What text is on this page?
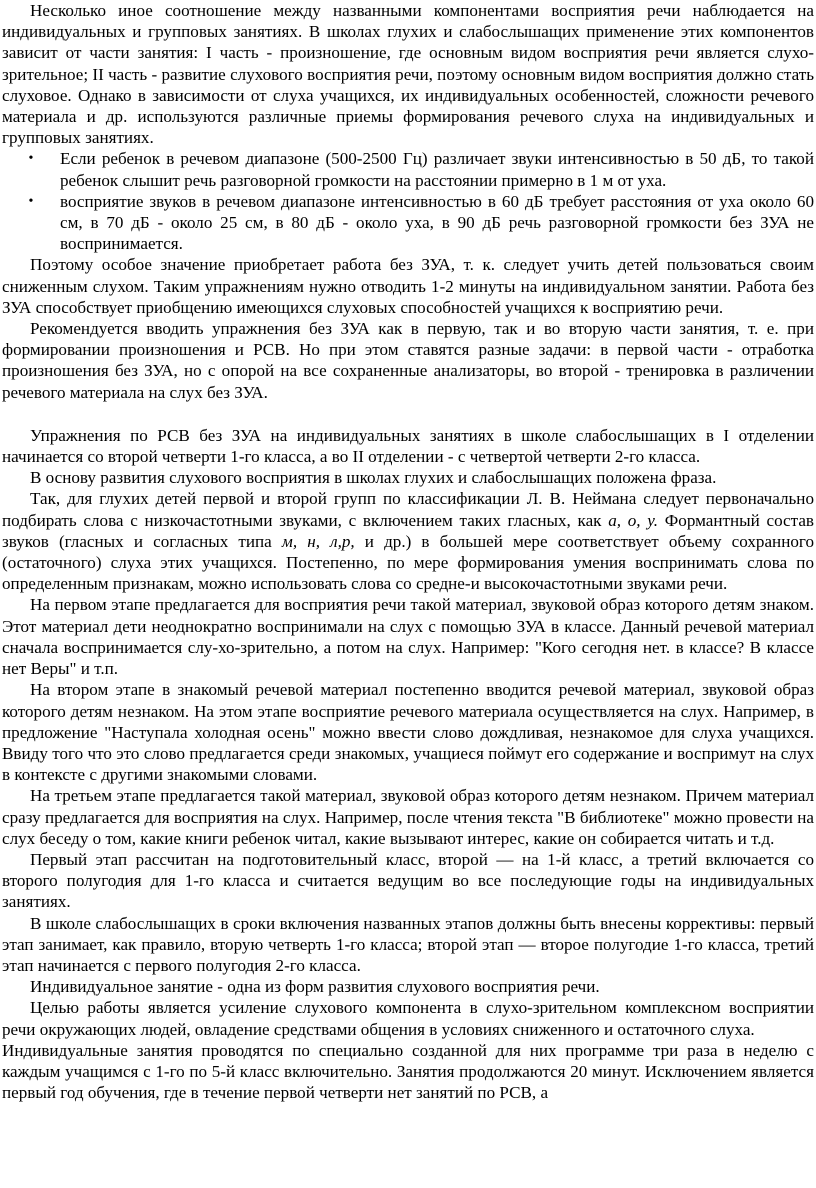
Несколько иное соотношение между названными компонентами восприятия речи наблюдается на индивидуальных и групповых занятиях. В школах глухих и слабослышащих применение этих компонентов зависит от части занятия: I часть - произношение, где основным видом восприятия речи является слухо-зрительное; II часть - развитие слухового восприятия речи, поэтому основным видом восприятия должно стать слуховое. Однако в зависимости от слуха учащихся, их индивидуальных особенностей, сложности речевого материала и др. используются различные приемы формирования речевого слуха на индивидуальных и групповых занятиях.

•	Если ребенок в речевом диапазоне (500-2500 Гц) различает звуки интенсивностью в 50 дБ, то такой ребенок слышит речь разговорной громкости на расстоянии примерно в 1 м от уха.
•	восприятие звуков в речевом диапазоне интенсивностью в 60 дБ требует расстояния от уха около 60 см, в 70 дБ - около 25 см, в 80 дБ - около уха, в 90 дБ речь разговорной громкости без ЗУА не воспринимается.

Поэтому особое значение приобретает работа без ЗУА, т. к. следует учить детей пользоваться своим сниженным слухом. Таким упражнениям нужно отводить 1-2 минуты на индивидуальном занятии. Работа без ЗУА способствует приобщению имеющихся слуховых способностей учащихся к восприятию речи.

Рекомендуется вводить упражнения без ЗУА как в первую, так и во вторую части занятия, т. е. при формировании произношения и РСВ. Но при этом ставятся разные задачи: в первой части - отработка произношения без ЗУА, но с опорой на все сохраненные анализаторы, во второй - тренировка в различении речевого материала на слух без ЗУА.

Упражнения по РСВ без ЗУА на индивидуальных занятиях в школе слабослышащих в I отделении начинается со второй четверти 1-го класса, а во II отделении - с четвертой четверти 2-го класса.

В основу развития слухового восприятия в школах глухих и слабослышащих положена фраза.

Так, для глухих детей первой и второй групп по классификации Л. В. Неймана следует первоначально подбирать слова с низкочастотными звуками, с включением таких гласных, как а, о, у. Формантный состав звуков (гласных и согласных типа м, н, л,р, и др.) в большей мере соответствует объему сохранного (остаточного) слуха этих учащихся. Постепенно, по мере формирования умения воспринимать слова по определенным признакам, можно использовать слова со средне-и высокочастотными звуками речи.

На первом этапе предлагается для восприятия речи такой материал, звуковой образ которого детям знаком. Этот материал дети неоднократно воспринимали на слух с помощью ЗУА в классе. Данный речевой материал сначала воспринимается слу-хо-зрительно, а потом на слух. Например: "Кого сегодня нет. в классе? В классе нет Веры" и т.п.

На втором этапе в знакомый речевой материал постепенно вводится речевой материал, звуковой образ которого детям незнаком. На этом этапе восприятие речевого материала осуществляется на слух. Например, в предложение "Наступала холодная осень" можно ввести слово дождливая, незнакомое для слуха учащихся. Ввиду того что это слово предлагается среди знакомых, учащиеся поймут его содержание и воспримут на слух в контексте с другими знакомыми словами.

На третьем этапе предлагается такой материал, звуковой образ которого детям незнаком. Причем материал сразу предлагается для восприятия на слух. Например, после чтения текста "В библиотеке" можно провести на слух беседу о том, какие книги ребенок читал, какие вызывают интерес, какие он собирается читать и т.д.

Первый этап рассчитан на подготовительный класс, второй — на 1-й класс, а третий включается со второго полугодия для 1-го класса и считается ведущим во все последующие годы на индивидуальных занятиях.

В школе слабослышащих в сроки включения названных этапов должны быть внесены коррективы: первый этап занимает, как правило, вторую четверть 1-го класса; второй этап — второе полугодие 1-го класса, третий этап начинается с первого полугодия 2-го класса.

Индивидуальное занятие - одна из форм развития слухового восприятия речи.

Целью работы является усиление слухового компонента в слухо-зрительном комплексном восприятии речи окружающих людей, овладение средствами общения в условиях сниженного и остаточного слуха.

Индивидуальные занятия проводятся по специально созданной для них программе три раза в неделю с каждым учащимся с 1-го по 5-й класс включительно. Занятия продолжаются 20 минут. Исключением является первый год обучения, где в течение первой четверти нет занятий по РСВ, а
